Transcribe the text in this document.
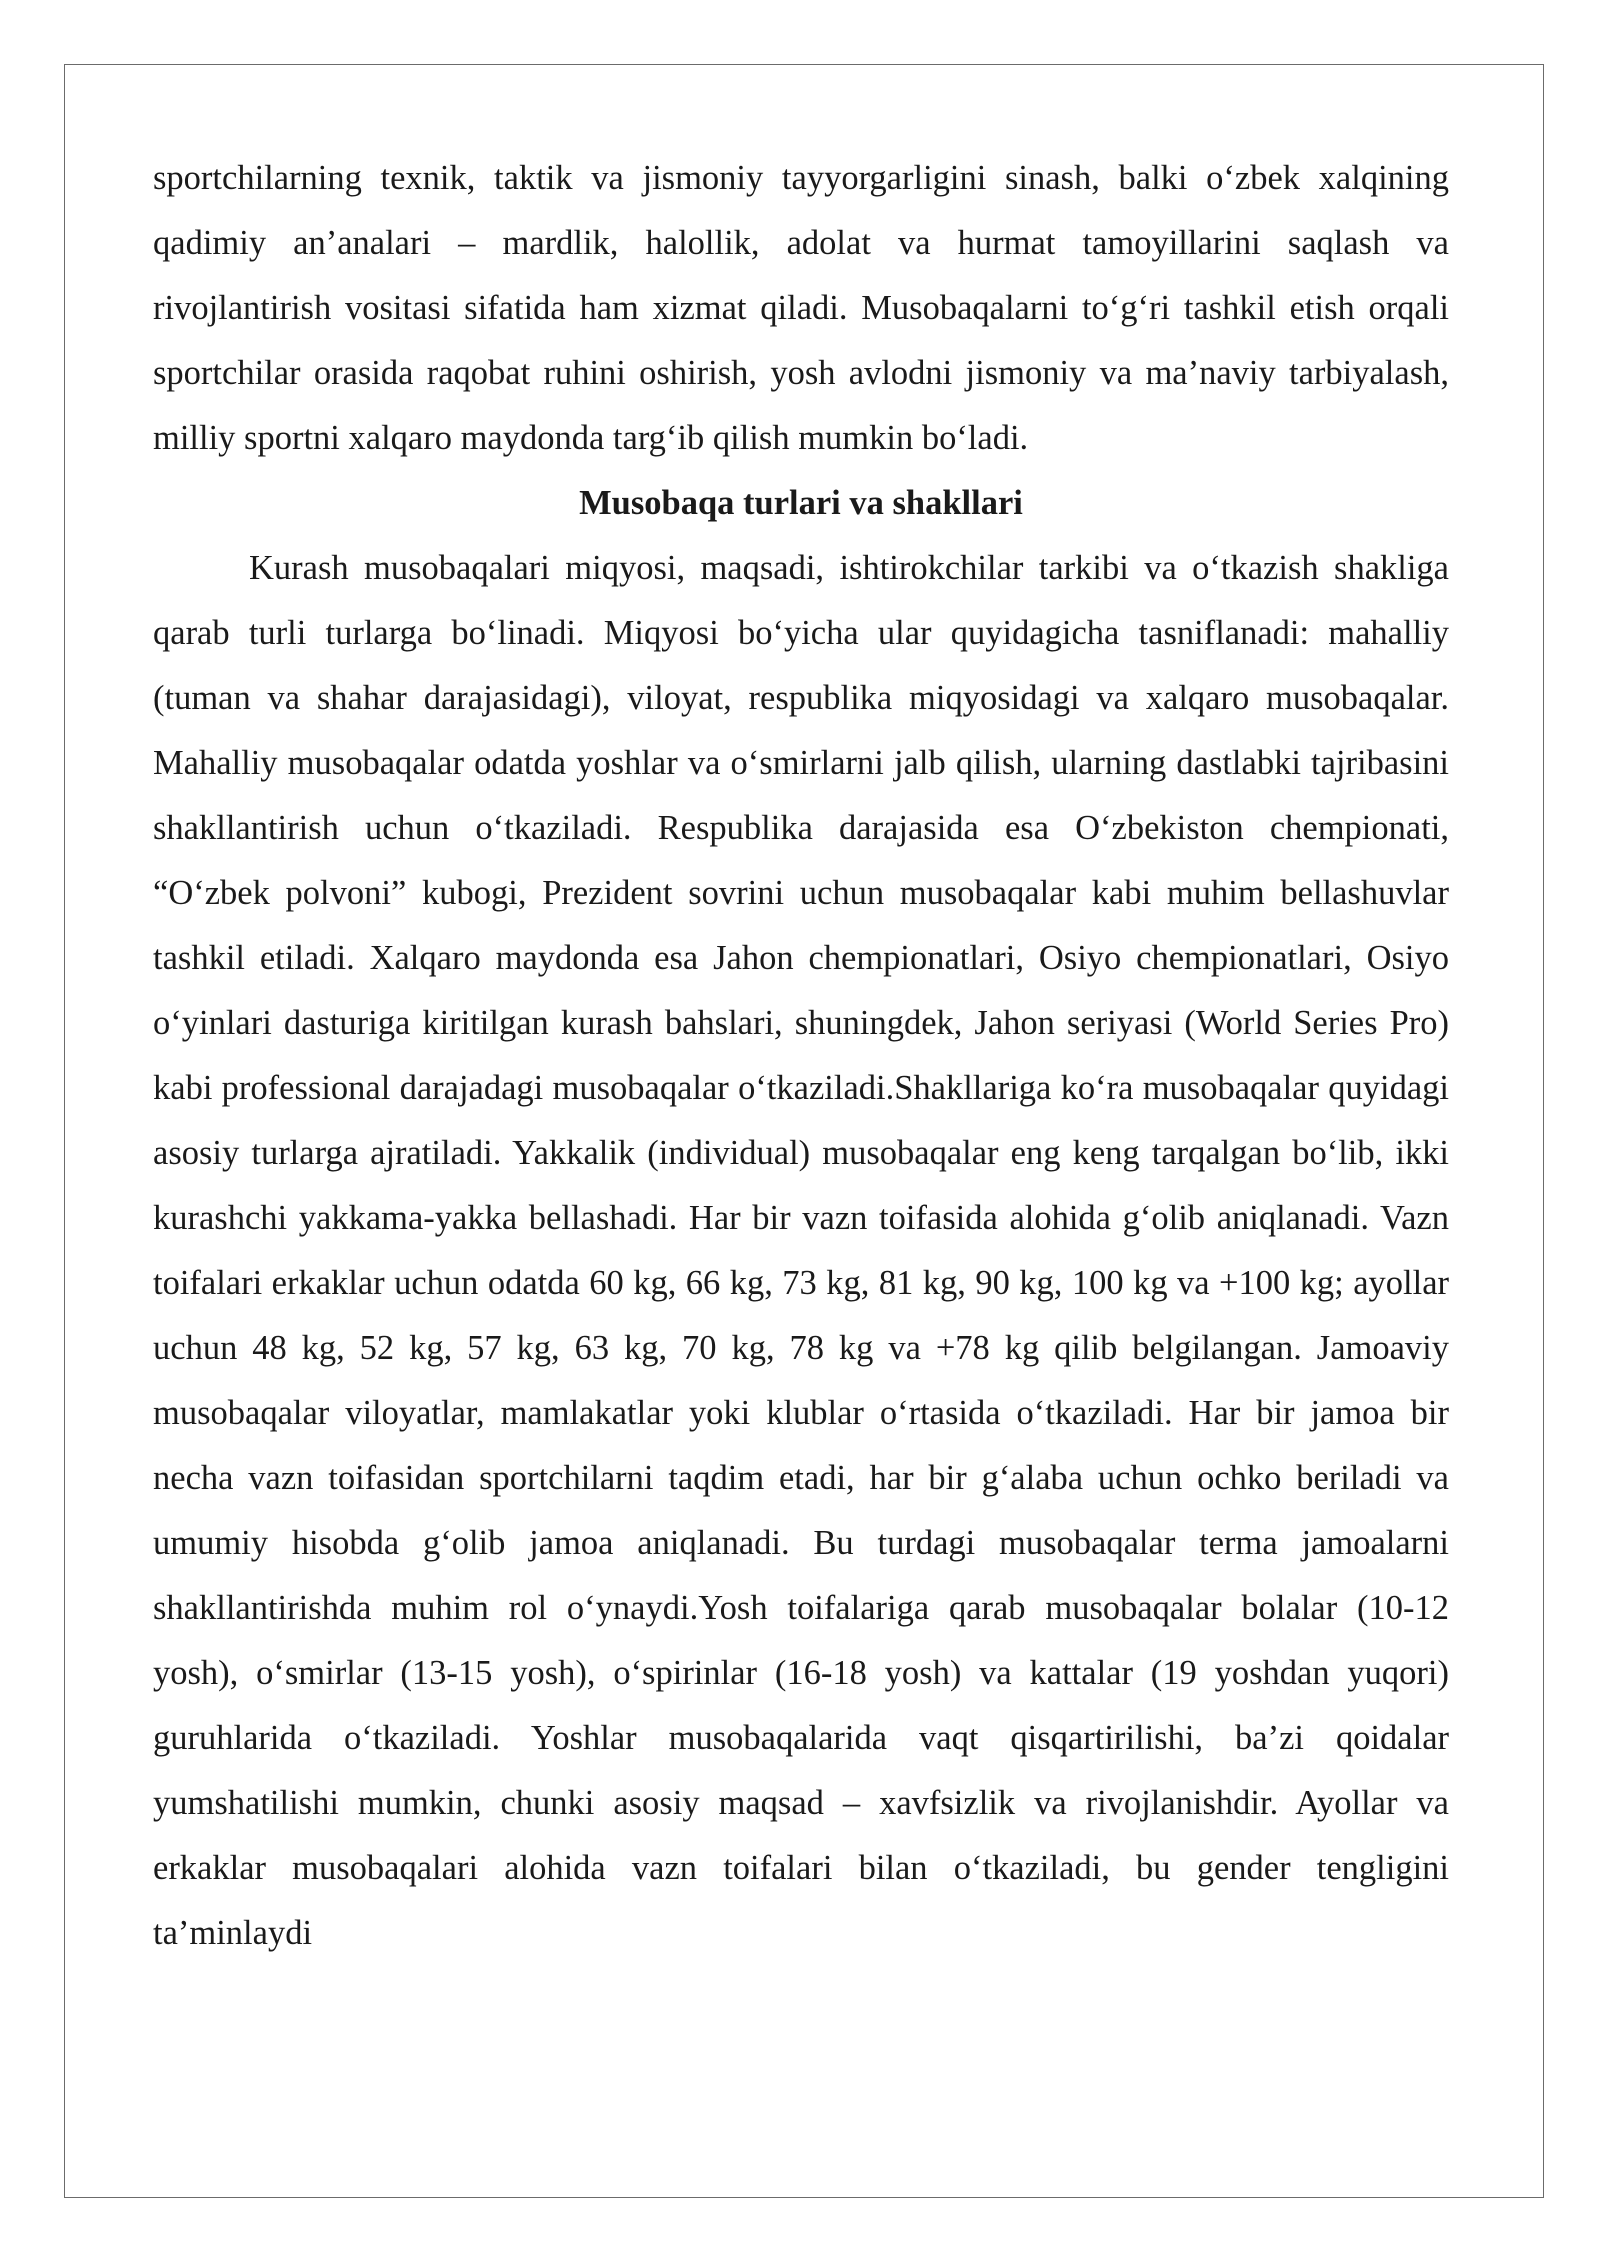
sportchilarning texnik, taktik va jismoniy tayyorgarligini sinash, balki o‘zbek xalqining qadimiy an’analari – mardlik, halollik, adolat va hurmat tamoyillarini saqlash va rivojlantirish vositasi sifatida ham xizmat qiladi. Musobaqalarni to‘g‘ri tashkil etish orqali sportchilar orasida raqobat ruhini oshirish, yosh avlodni jismoniy va ma’naviy tarbiyalash, milliy sportni xalqaro maydonda targ‘ib qilish mumkin bo‘ladi.

Musobaqa turlari va shakllari

Kurash musobaqalari miqyosi, maqsadi, ishtirokchilar tarkibi va o‘tkazish shakliga qarab turli turlarga bo‘linadi. Miqyosi bo‘yicha ular quyidagicha tasniflanadi: mahalliy (tuman va shahar darajasidagi), viloyat, respublika miqyosidagi va xalqaro musobaqalar. Mahalliy musobaqalar odatda yoshlar va o‘smirlarni jalb qilish, ularning dastlabki tajribasini shakllantirish uchun o‘tkaziladi. Respublika darajasida esa O‘zbekiston chempionati, “O‘zbek polvoni” kubogi, Prezident sovrini uchun musobaqalar kabi muhim bellashuvlar tashkil etiladi. Xalqaro maydonda esa Jahon chempionatlari, Osiyo chempionatlari, Osiyo o‘yinlari dasturiga kiritilgan kurash bahslari, shuningdek, Jahon seriyasi (World Series Pro) kabi professional darajadagi musobaqalar o‘tkaziladi.Shakllariga ko‘ra musobaqalar quyidagi asosiy turlarga ajratiladi. Yakkalik (individual) musobaqalar eng keng tarqalgan bo‘lib, ikki kurashchi yakkama-yakka bellashadi. Har bir vazn toifasida alohida g‘olib aniqlanadi. Vazn toifalari erkaklar uchun odatda 60 kg, 66 kg, 73 kg, 81 kg, 90 kg, 100 kg va +100 kg; ayollar uchun 48 kg, 52 kg, 57 kg, 63 kg, 70 kg, 78 kg va +78 kg qilib belgilangan. Jamoaviy musobaqalar viloyatlar, mamlakatlar yoki klublar o‘rtasida o‘tkaziladi. Har bir jamoa bir necha vazn toifasidan sportchilarni taqdim etadi, har bir g‘alaba uchun ochko beriladi va umumiy hisobda g‘olib jamoa aniqlanadi. Bu turdagi musobaqalar terma jamoalarni shakllantirishda muhim rol o‘ynaydi.Yosh toifalariga qarab musobaqalar bolalar (10-12 yosh), o‘smirlar (13-15 yosh), o‘spirinlar (16-18 yosh) va kattalar (19 yoshdan yuqori) guruhlarida o‘tkaziladi. Yoshlar musobaqalarida vaqt qisqartirilishi, ba’zi qoidalar yumshatilishi mumkin, chunki asosiy maqsad – xavfsizlik va rivojlanishdir. Ayollar va erkaklar musobaqalari alohida vazn toifalari bilan o‘tkaziladi, bu gender tengligini ta’minlaydi
